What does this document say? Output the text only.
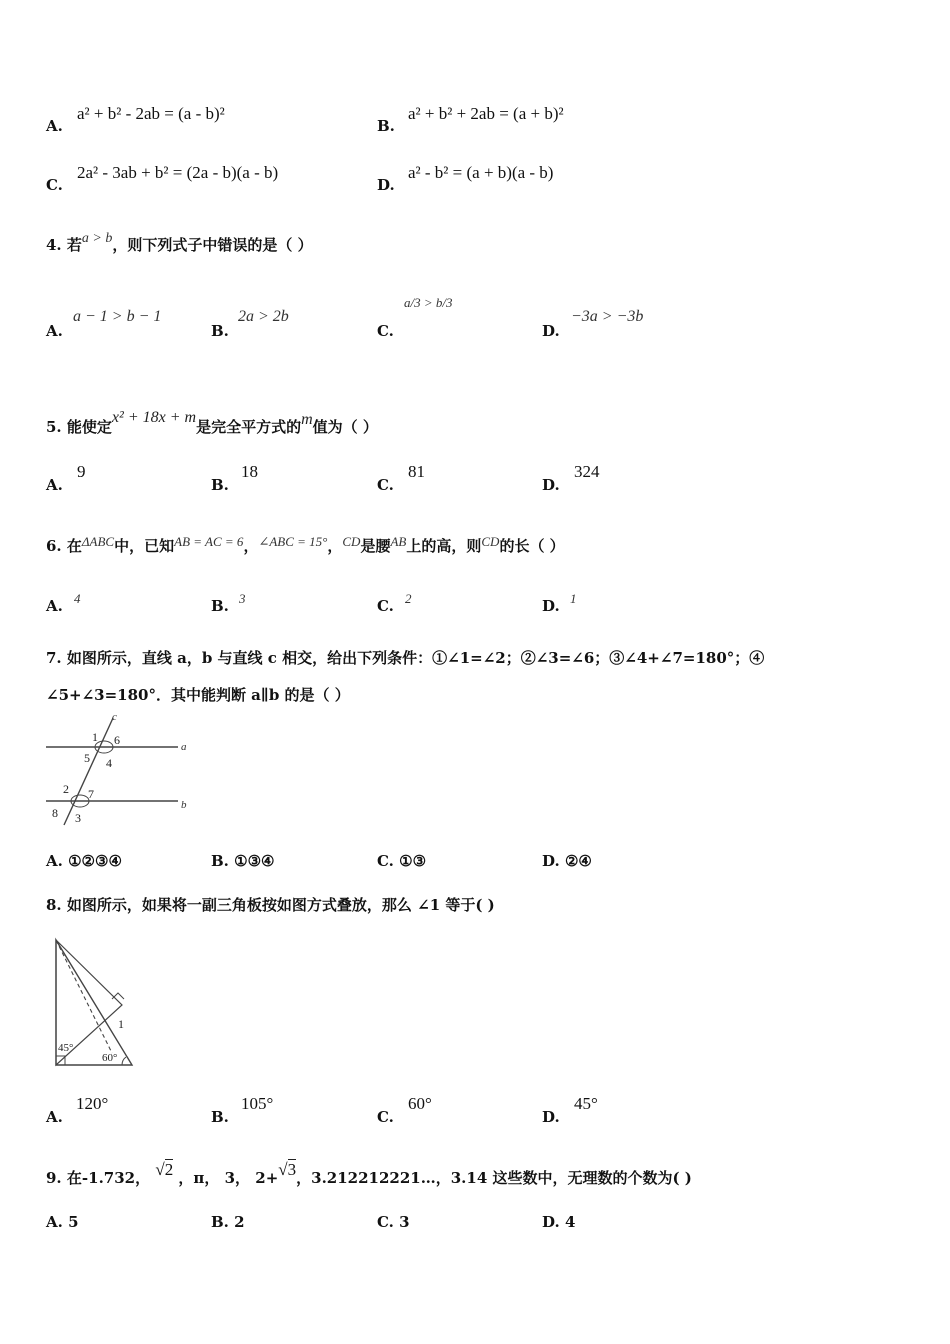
A.
a² + b² - 2ab = (a - b)²
B.
a² + b² + 2ab = (a + b)²
C.
2a² - 3ab + b² = (2a - b)(a - b)
D.
a² - b² = (a + b)(a - b)
4. 若a > b，则下列式子中错误的是（ ）
A.
a − 1 > b − 1
B.
2a > 2b
C.
a/3 > b/3
D.
−3a > −3b
5. 能使定x² + 18x + m是完全平方式的m值为（ ）
A.
9
B.
18
C.
81
D.
324
6. 在ΔABC中，已知AB = AC = 6，∠ABC = 15°，CD是腰AB上的高，则CD的长（ ）
A. 4	B. 3	C. 2	D. 1
7. 如图所示，直线 a，b 与直线 c 相交，给出下列条件：①∠1=∠2；②∠3=∠6；③∠4+∠7=180°；④
∠5+∠3=180°．其中能判断 a∥b 的是（ ）
c
a
b
1 6
5 4
2 7
8 3
A. ①②③④	B. ①③④	C. ①③	D. ②④
8. 如图所示，如果将一副三角板按如图方式叠放，那么 ∠1 等于( )
45°
60°
1
A.
120°
B.
105°
C.
60°
D.
45°
9. 在-1.732， √2 ，π， 3， 2+√3，3.212212221…，3.14 这些数中，无理数的个数为( )
A. 5	B. 2	C. 3	D. 4
